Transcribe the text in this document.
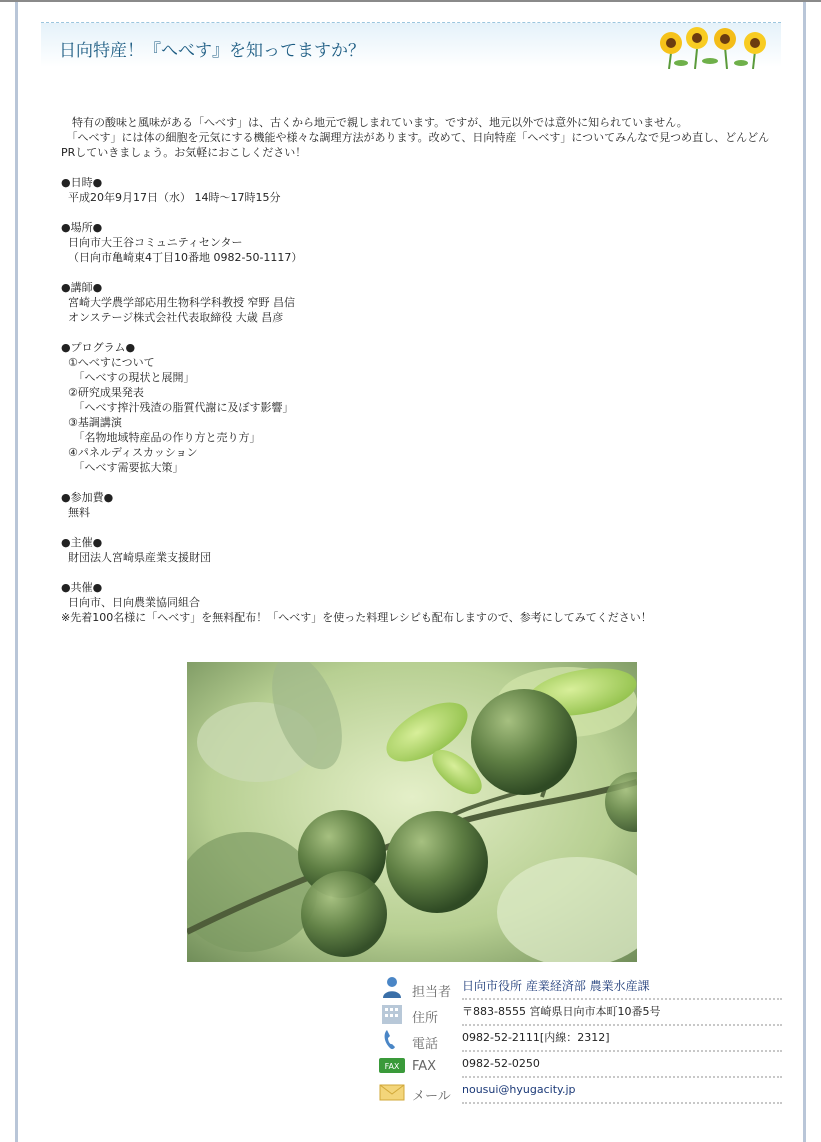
日向特産！『へべす』を知ってますか？

　特有の酸味と風味がある「へべす」は、古くから地元で親しまれています。ですが、地元以外では意外に知られていません。

　「へべす」には体の細胞を元気にする機能や様々な調理方法があります。改めて、日向特産「へべす」についてみんなで見つめ直し、どんどん

PRしていきましょう。お気軽におこしください！

●日時●

平成20年9月17日（水） 14時～17時15分

●場所●

日向市大王谷コミュニティセンター

（日向市亀崎東4丁目10番地 0982-50-1117）

●講師●

宮崎大学農学部応用生物科学科教授 窄野 昌信

オンステージ株式会社代表取締役 大歳 昌彦

●プログラム●

①へべすについて

　「へべすの現状と展開」

②研究成果発表

　「へべす搾汁残渣の脂質代謝に及ぼす影響」

③基調講演

　「名物地域特産品の作り方と売り方」

④パネルディスカッション

　「へべす需要拡大策」

●参加費●

無料

●主催●

財団法人宮崎県産業支援財団

●共催●

日向市、日向農業協同組合

※先着100名様に「へべす」を無料配布！「へべす」を使った料理レシピも配布しますので、参考にしてみてください！

担当者 日向市役所 産業経済部 農業水産課
住所 〒883-8555 宮崎県日向市本町10番5号
電話 0982-52-2111[内線：2312]
FAX FAX 0982-52-0250
メール nousui@hyugacity.jp
